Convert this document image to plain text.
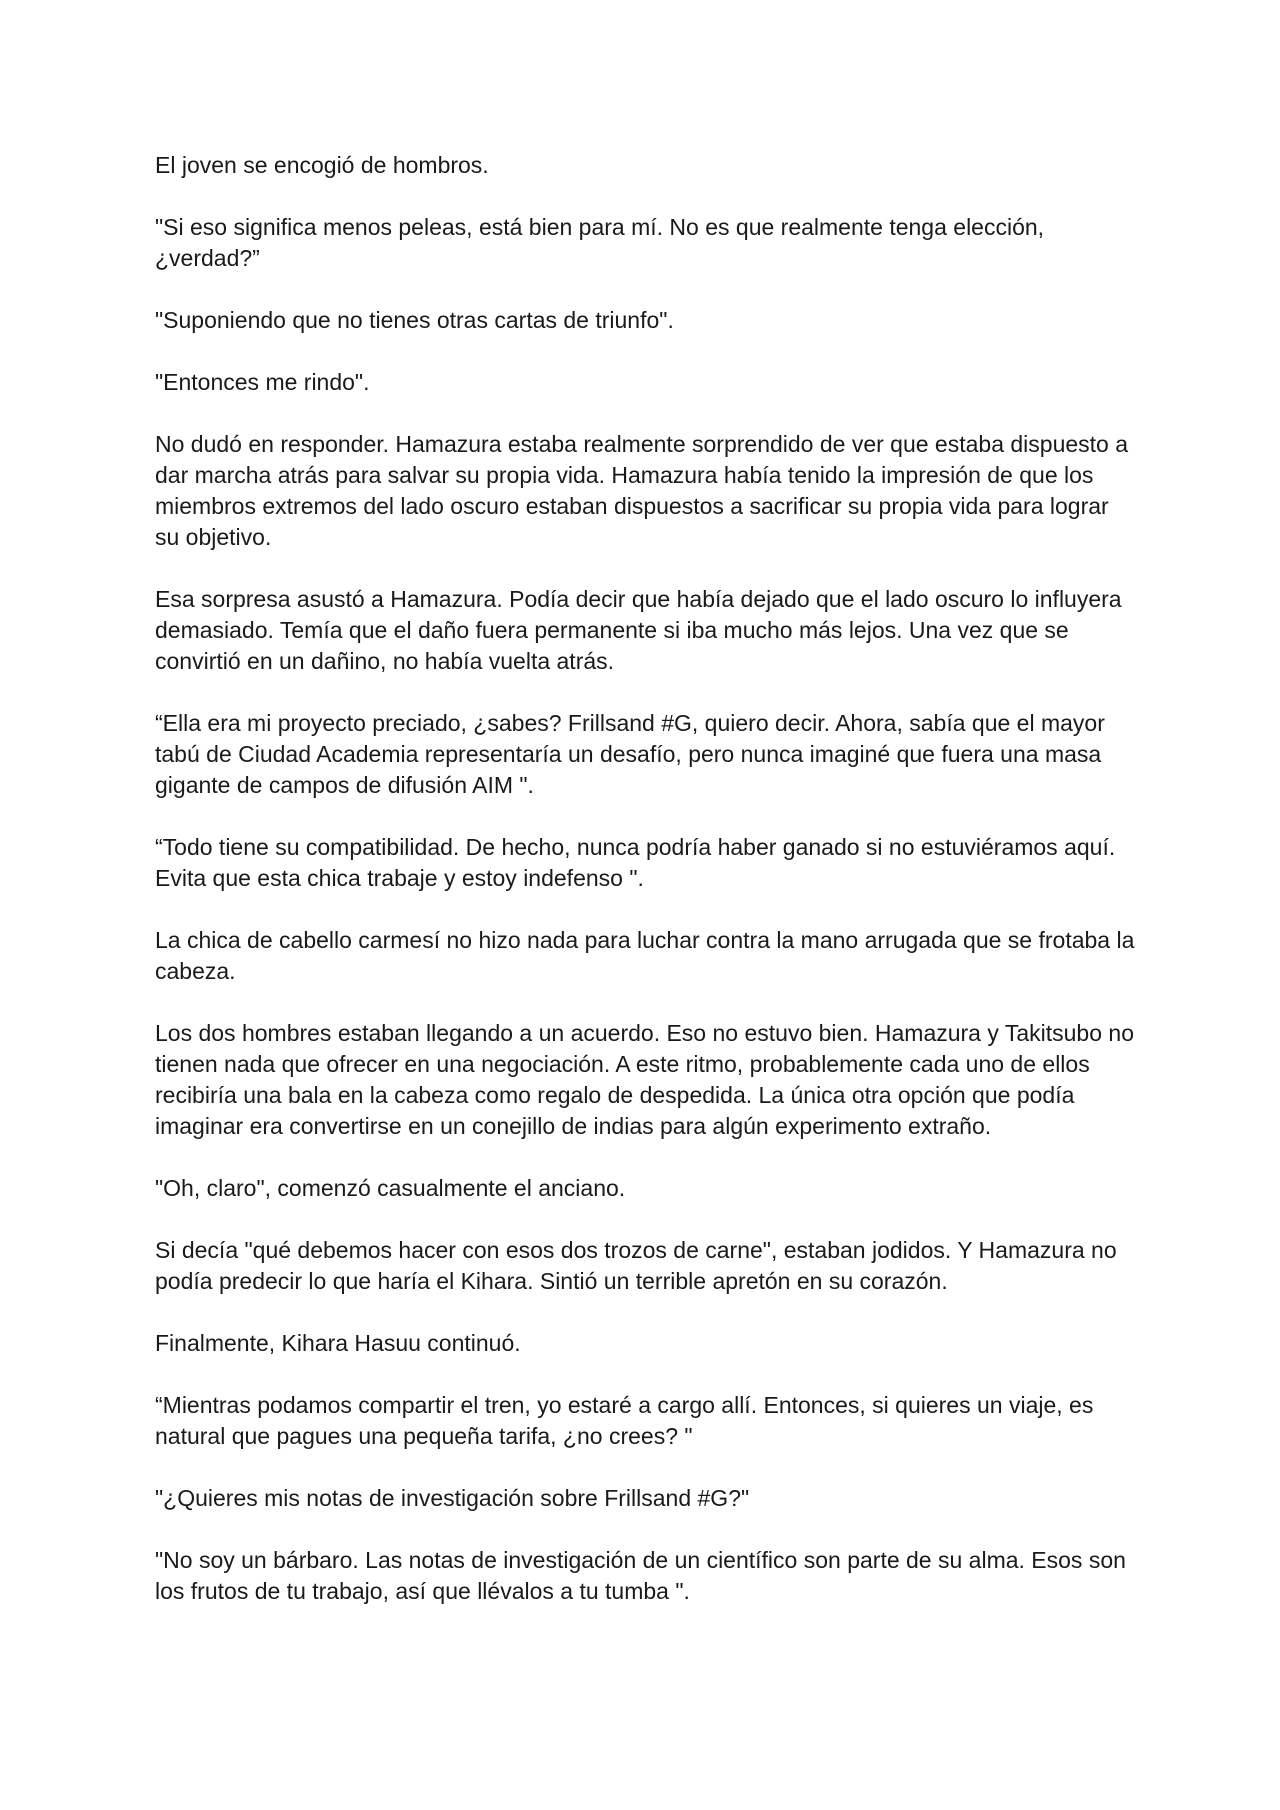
El joven se encogió de hombros.

"Si eso significa menos peleas, está bien para mí. No es que realmente tenga elección, ¿verdad?”

"Suponiendo que no tienes otras cartas de triunfo".

"Entonces me rindo".

No dudó en responder. Hamazura estaba realmente sorprendido de ver que estaba dispuesto a dar marcha atrás para salvar su propia vida. Hamazura había tenido la impresión de que los miembros extremos del lado oscuro estaban dispuestos a sacrificar su propia vida para lograr su objetivo.

Esa sorpresa asustó a Hamazura. Podía decir que había dejado que el lado oscuro lo influyera demasiado. Temía que el daño fuera permanente si iba mucho más lejos. Una vez que se convirtió en un dañino, no había vuelta atrás.

“Ella era mi proyecto preciado, ¿sabes? Frillsand #G, quiero decir. Ahora, sabía que el mayor tabú de Ciudad Academia representaría un desafío, pero nunca imaginé que fuera una masa gigante de campos de difusión AIM ".

“Todo tiene su compatibilidad. De hecho, nunca podría haber ganado si no estuviéramos aquí. Evita que esta chica trabaje y estoy indefenso ".

La chica de cabello carmesí no hizo nada para luchar contra la mano arrugada que se frotaba la cabeza.

Los dos hombres estaban llegando a un acuerdo. Eso no estuvo bien. Hamazura y Takitsubo no tienen nada que ofrecer en una negociación. A este ritmo, probablemente cada uno de ellos recibiría una bala en la cabeza como regalo de despedida. La única otra opción que podía imaginar era convertirse en un conejillo de indias para algún experimento extraño.

"Oh, claro", comenzó casualmente el anciano.

Si decía "qué debemos hacer con esos dos trozos de carne", estaban jodidos. Y Hamazura no podía predecir lo que haría el Kihara. Sintió un terrible apretón en su corazón.

Finalmente, Kihara Hasuu continuó.

“Mientras podamos compartir el tren, yo estaré a cargo allí. Entonces, si quieres un viaje, es natural que pagues una pequeña tarifa, ¿no crees? "

"¿Quieres mis notas de investigación sobre Frillsand #G?"

"No soy un bárbaro. Las notas de investigación de un científico son parte de su alma. Esos son los frutos de tu trabajo, así que llévalos a tu tumba ".
